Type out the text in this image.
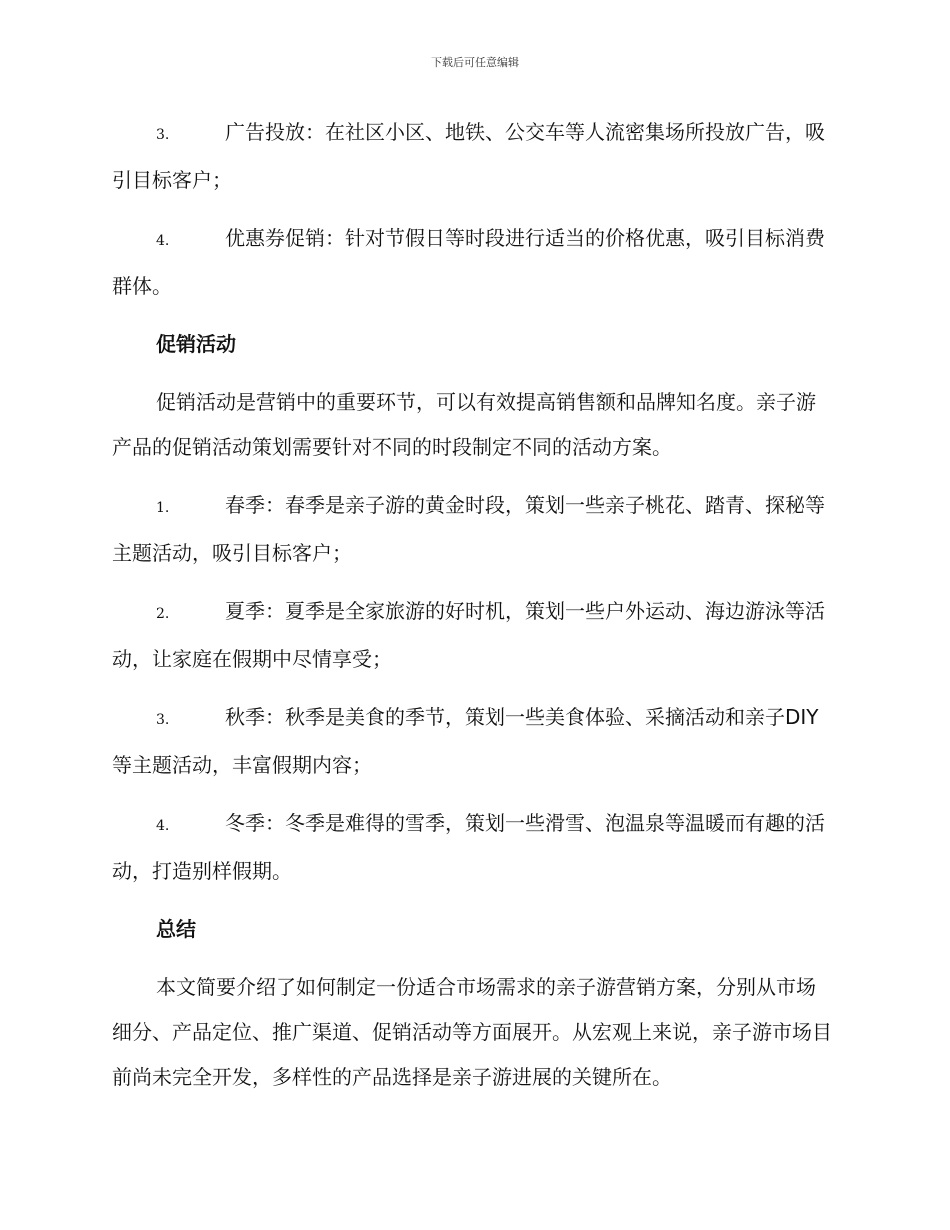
下载后可任意编辑

3.	广告投放：在社区小区、地铁、公交车等人流密集场所投放广告，吸引目标客户；

4.	优惠券促销：针对节假日等时段进行适当的价格优惠，吸引目标消费群体。

促销活动

促销活动是营销中的重要环节，可以有效提高销售额和品牌知名度。亲子游产品的促销活动策划需要针对不同的时段制定不同的活动方案。

1.	春季：春季是亲子游的黄金时段，策划一些亲子桃花、踏青、探秘等主题活动，吸引目标客户；

2.	夏季：夏季是全家旅游的好时机，策划一些户外运动、海边游泳等活动，让家庭在假期中尽情享受；

3.	秋季：秋季是美食的季节，策划一些美食体验、采摘活动和亲子DIY等主题活动，丰富假期内容；

4.	冬季：冬季是难得的雪季，策划一些滑雪、泡温泉等温暖而有趣的活动，打造别样假期。

总结

本文简要介绍了如何制定一份适合市场需求的亲子游营销方案，分别从市场细分、产品定位、推广渠道、促销活动等方面展开。从宏观上来说，亲子游市场目前尚未完全开发，多样性的产品选择是亲子游进展的关键所在。
